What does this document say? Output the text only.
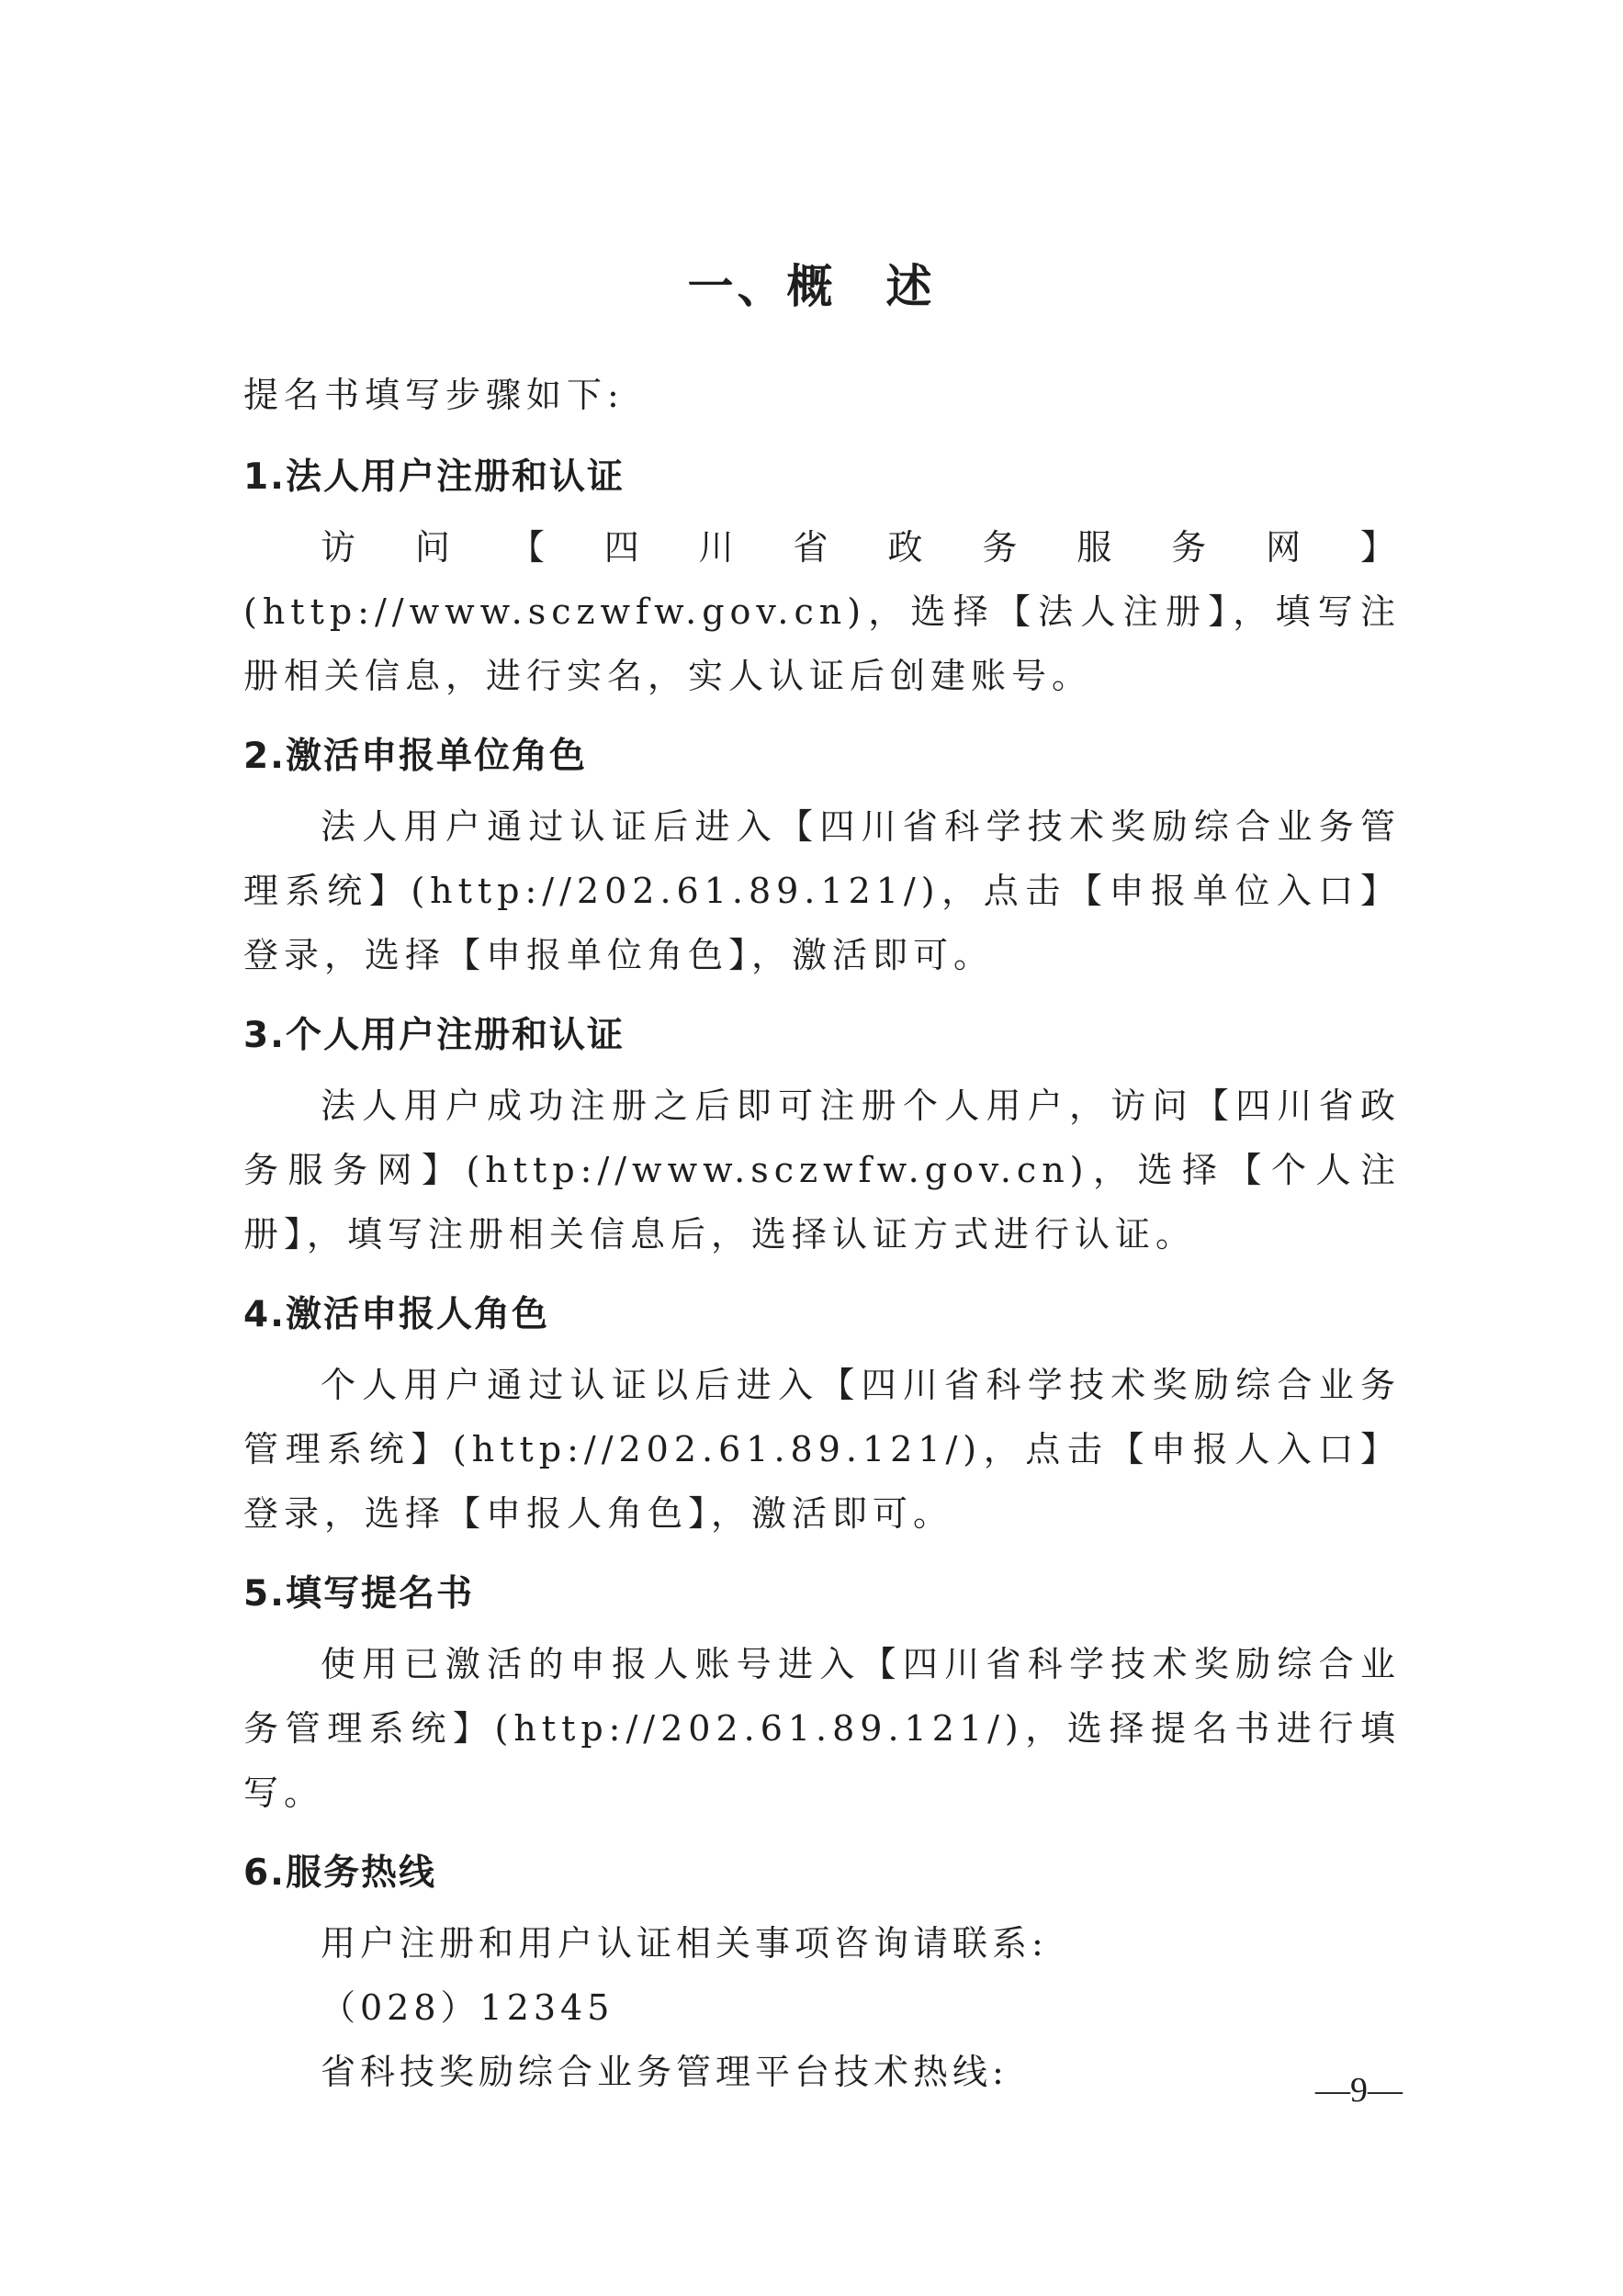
一、概　述

提名书填写步骤如下:

1.法人用户注册和认证

访问【四川省政务服务网】(http://www.sczwfw.gov.cn)，选择【法人注册】，填写注册相关信息，进行实名，实人认证后创建账号。

2.激活申报单位角色

法人用户通过认证后进入【四川省科学技术奖励综合业务管理系统】(http://202.61.89.121/)，点击【申报单位入口】登录，选择【申报单位角色】，激活即可。

3.个人用户注册和认证

法人用户成功注册之后即可注册个人用户，访问【四川省政务服务网】(http://www.sczwfw.gov.cn)，选择【个人注册】，填写注册相关信息后，选择认证方式进行认证。

4.激活申报人角色

个人用户通过认证以后进入【四川省科学技术奖励综合业务管理系统】(http://202.61.89.121/)，点击【申报人入口】登录，选择【申报人角色】，激活即可。

5.填写提名书

使用已激活的申报人账号进入【四川省科学技术奖励综合业务管理系统】(http://202.61.89.121/)，选择提名书进行填写。

6.服务热线

用户注册和用户认证相关事项咨询请联系:

（028）12345

省科技奖励综合业务管理平台技术热线:	—9—
